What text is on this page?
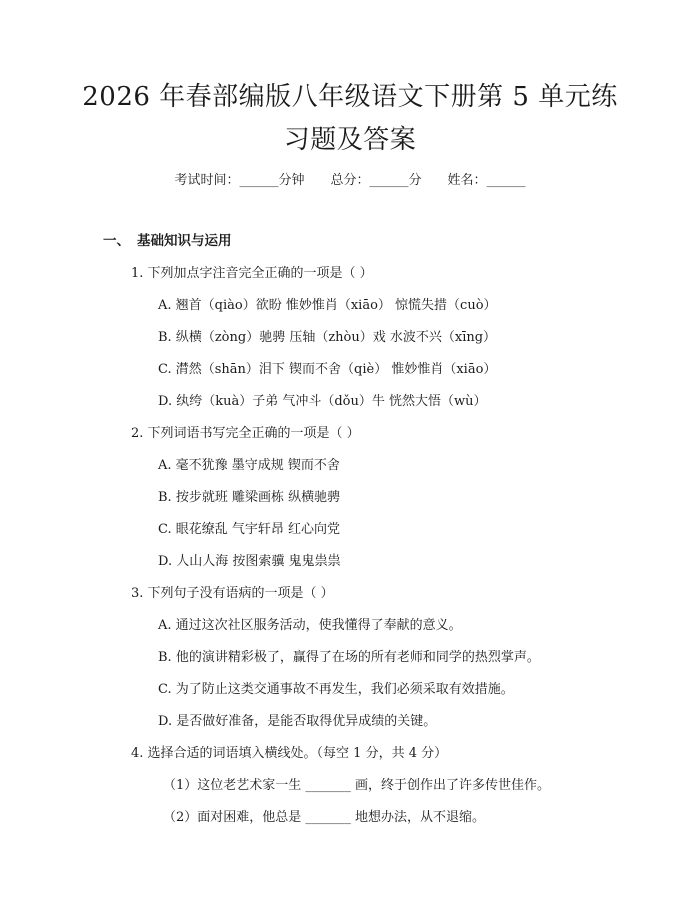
2026 年春部编版八年级语文下册第 5 单元练
习题及答案
考试时间：______分钟 总分：______分 姓名：______
一、 基础知识与运用
1. 下列加点字注音完全正确的一项是（ ）
A. 翘首（qiào）欲盼 惟妙惟肖（xiāo） 惊慌失措（cuò）
B. 纵横（zòng）驰骋 压轴（zhòu）戏 水波不兴（xīng）
C. 潸然（shān）泪下 锲而不舍（qiè） 惟妙惟肖（xiāo）
D. 纨绔（kuà）子弟 气冲斗（dǒu）牛 恍然大悟（wù）
2. 下列词语书写完全正确的一项是（ ）
A. 毫不犹豫 墨守成规 锲而不舍
B. 按步就班 雕梁画栋 纵横驰骋
C. 眼花缭乱 气宇轩昂 红心向党
D. 人山人海 按图索骥 鬼鬼祟祟
3. 下列句子没有语病的一项是（ ）
A. 通过这次社区服务活动，使我懂得了奉献的意义。
B. 他的演讲精彩极了，赢得了在场的所有老师和同学的热烈掌声。
C. 为了防止这类交通事故不再发生，我们必须采取有效措施。
D. 是否做好准备，是能否取得优异成绩的关键。
4. 选择合适的词语填入横线处。（每空 1 分，共 4 分）
（1）这位老艺术家一生 _______ 画，终于创作出了许多传世佳作。
（2）面对困难，他总是 _______ 地想办法，从不退缩。
